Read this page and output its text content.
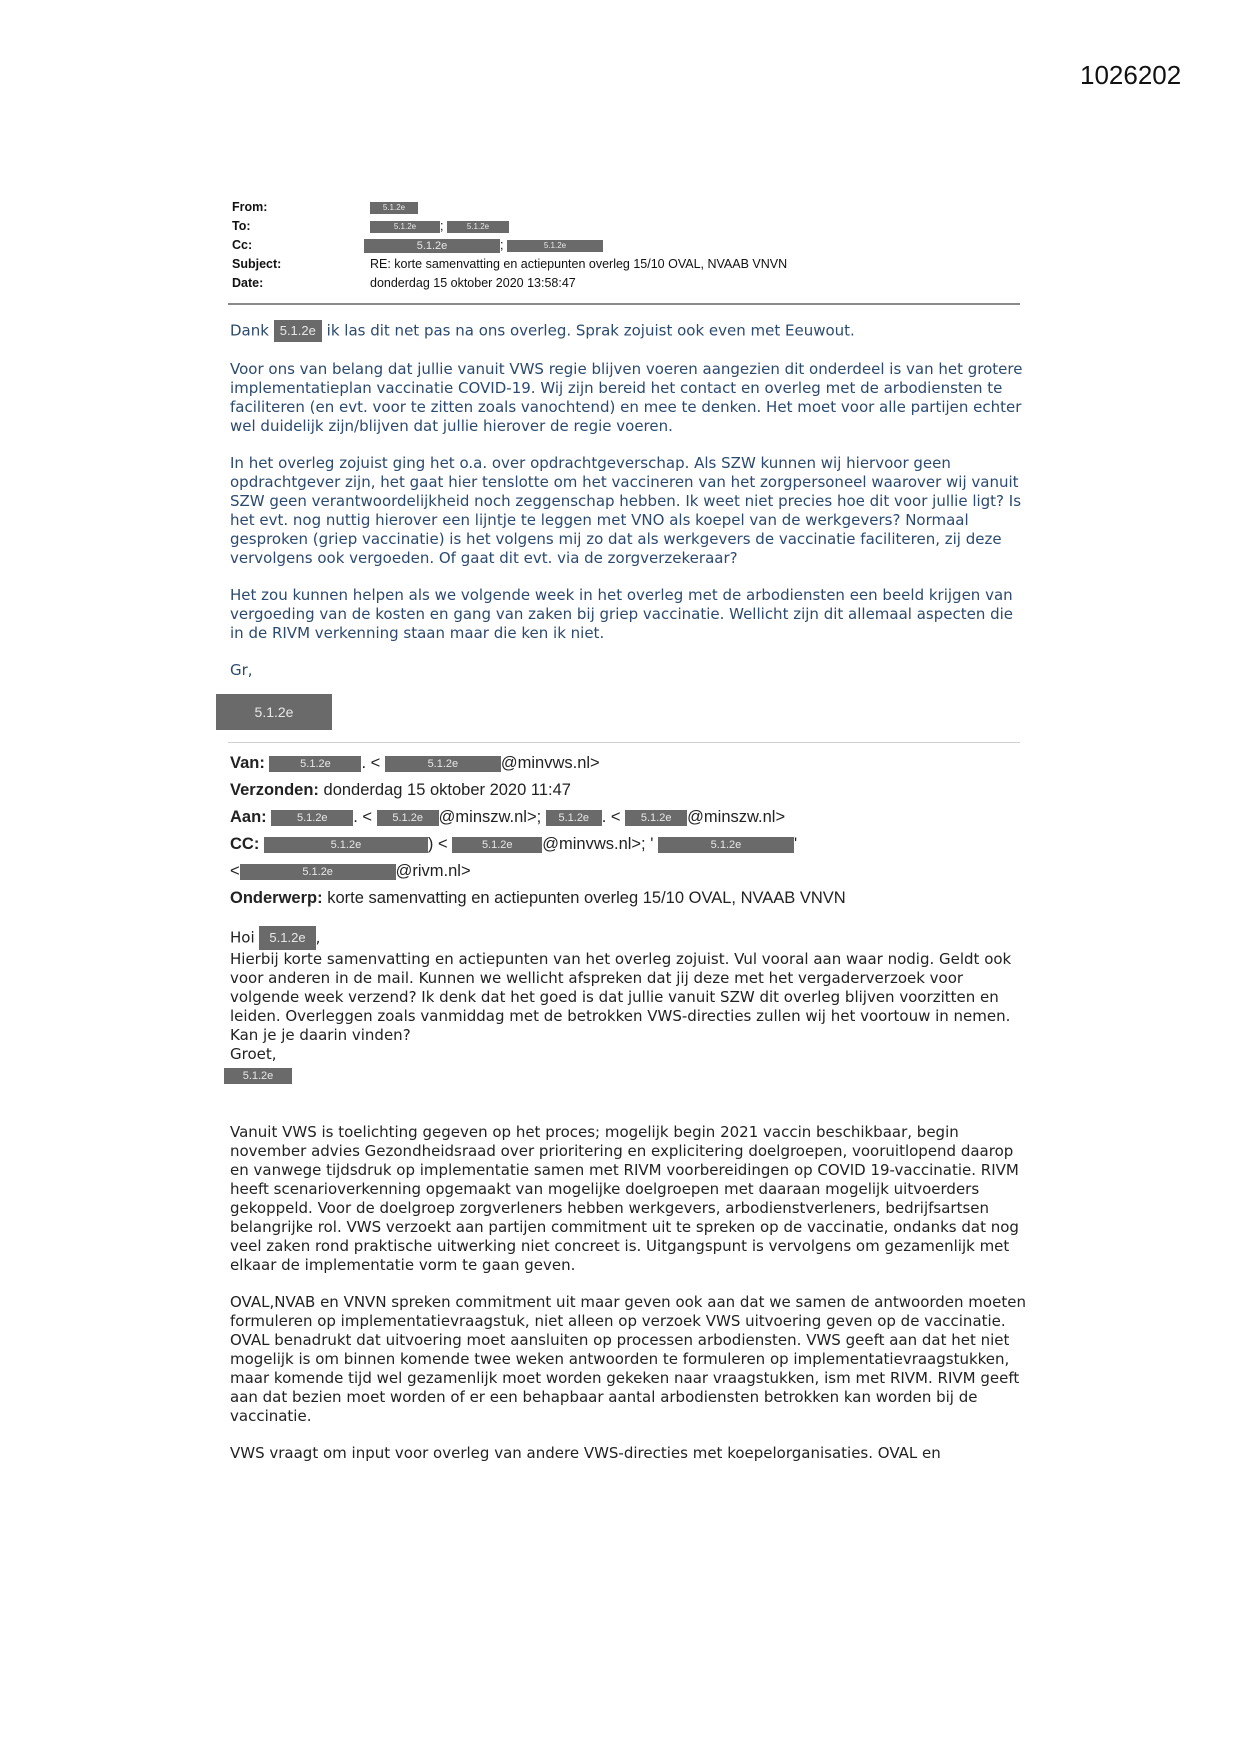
1026202
From:	5.1.2e
To:	5.1.2e ;	5.1.2e
Cc:	5.1.2e	;	5.1.2e
Subject:	RE: korte samenvatting en actiepunten overleg 15/10 OVAL, NVAAB VNVN
Date:	donderdag 15 oktober 2020 13:58:47

Dank 5.1.2e ik las dit net pas na ons overleg. Sprak zojuist ook even met Eeuwout.

Voor ons van belang dat jullie vanuit VWS regie blijven voeren aangezien dit onderdeel is van het grotere implementatieplan vaccinatie COVID-19. Wij zijn bereid het contact en overleg met de arbodiensten te faciliteren (en evt. voor te zitten zoals vanochtend) en mee te denken. Het moet voor alle partijen echter wel duidelijk zijn/blijven dat jullie hierover de regie voeren.

In het overleg zojuist ging het o.a. over opdrachtgeverschap. Als SZW kunnen wij hiervoor geen opdrachtgever zijn, het gaat hier tenslotte om het vaccineren van het zorgpersoneel waarover wij vanuit SZW geen verantwoordelijkheid noch zeggenschap hebben. Ik weet niet precies hoe dit voor jullie ligt? Is het evt. nog nuttig hierover een lijntje te leggen met VNO als koepel van de werkgevers? Normaal gesproken (griep vaccinatie) is het volgens mij zo dat als werkgevers de vaccinatie faciliteren, zij deze vervolgens ook vergoeden. Of gaat dit evt. via de zorgverzekeraar?

Het zou kunnen helpen als we volgende week in het overleg met de arbodiensten een beeld krijgen van vergoeding van de kosten en gang van zaken bij griep vaccinatie. Wellicht zijn dit allemaal aspecten die in de RIVM verkenning staan maar die ken ik niet.

Gr,

5.1.2e
Van:	5.1.2e . <	5.1.2e	@minvws.nl>
Verzonden: donderdag 15 oktober 2020 11:47
Aan:	5.1.2e . < 5.1.2e @minszw.nl>; 5.1.2e . < 5.1.2e @minszw.nl>
CC:	5.1.2e	) <	5.1.2e @minvws.nl>; '	5.1.2e	'
<	5.1.2e	@rivm.nl>
Onderwerp: korte samenvatting en actiepunten overleg 15/10 OVAL, NVAAB VNVN
Hoi 5.1.2e ,
Hierbij korte samenvatting en actiepunten van het overleg zojuist. Vul vooral aan waar nodig. Geldt ook voor anderen in de mail. Kunnen we wellicht afspreken dat jij deze met het vergaderverzoek voor volgende week verzend? Ik denk dat het goed is dat jullie vanuit SZW dit overleg blijven voorzitten en leiden. Overleggen zoals vanmiddag met de betrokken VWS-directies zullen wij het voortouw in nemen. Kan je je daarin vinden?
Groet,
5.1.2e

Vanuit VWS is toelichting gegeven op het proces; mogelijk begin 2021 vaccin beschikbaar, begin november advies Gezondheidsraad over prioritering en explicitering doelgroepen, vooruitlopend daarop en vanwege tijdsdruk op implementatie samen met RIVM voorbereidingen op COVID 19-vaccinatie. RIVM heeft scenarioverkenning opgemaakt van mogelijke doelgroepen met daaraan mogelijk uitvoerders gekoppeld. Voor de doelgroep zorgverleners hebben werkgevers, arbodienstverleners, bedrijfsartsen belangrijke rol. VWS verzoekt aan partijen commitment uit te spreken op de vaccinatie, ondanks dat nog veel zaken rond praktische uitwerking niet concreet is. Uitgangspunt is vervolgens om gezamenlijk met elkaar de implementatie vorm te gaan geven.

OVAL,NVAB en VNVN spreken commitment uit maar geven ook aan dat we samen de antwoorden moeten formuleren op implementatievraagstuk, niet alleen op verzoek VWS uitvoering geven op de vaccinatie. OVAL benadrukt dat uitvoering moet aansluiten op processen arbodiensten. VWS geeft aan dat het niet mogelijk is om binnen komende twee weken antwoorden te formuleren op implementatievraagstukken, maar komende tijd wel gezamenlijk moet worden gekeken naar vraagstukken, ism met RIVM. RIVM geeft aan dat bezien moet worden of er een behapbaar aantal arbodiensten betrokken kan worden bij de vaccinatie.

VWS vraagt om input voor overleg van andere VWS-directies met koepelorganisaties. OVAL en
